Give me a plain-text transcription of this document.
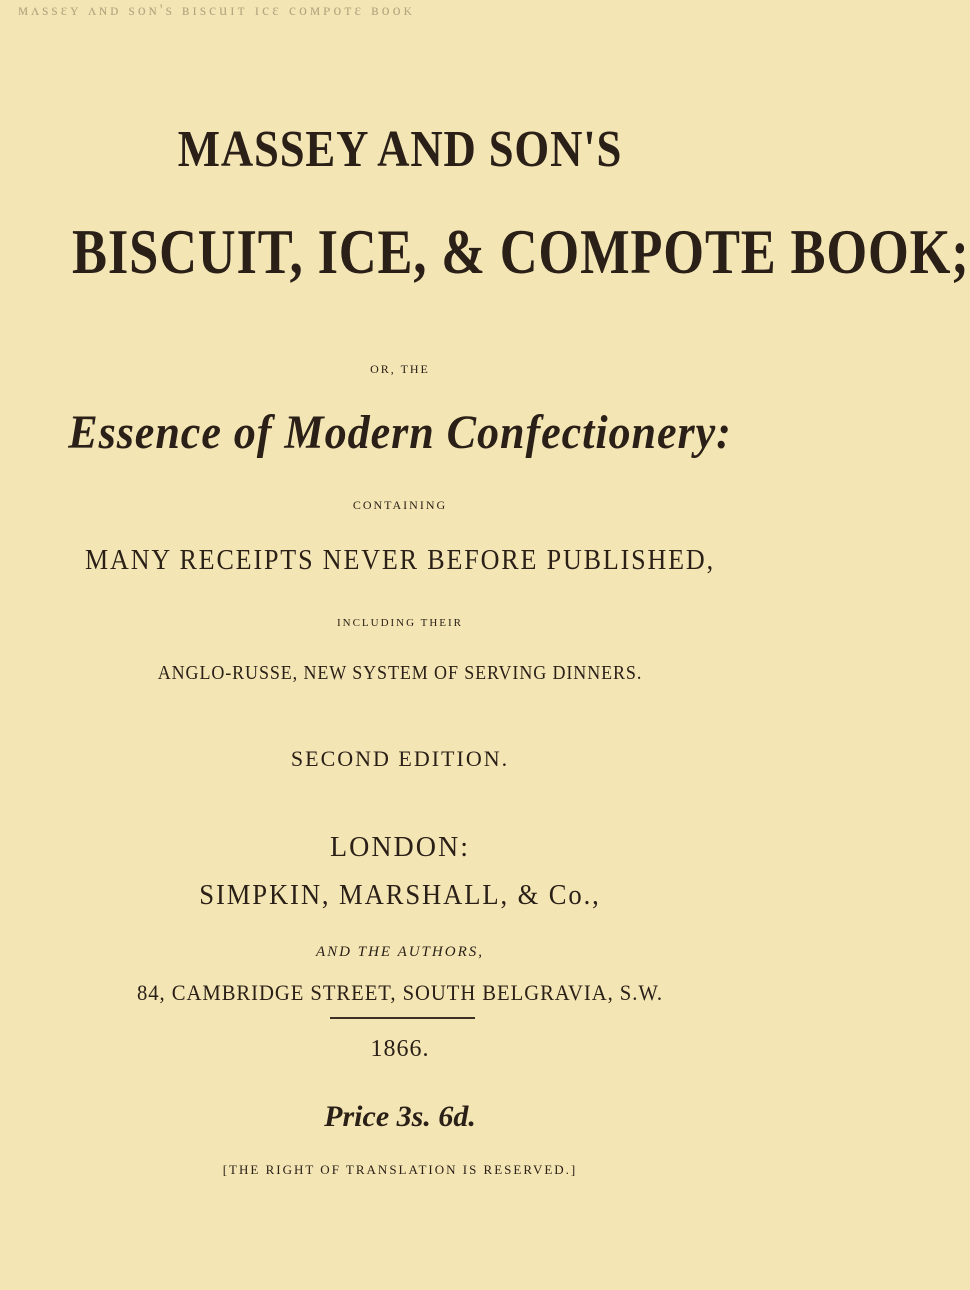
ᴍʌssɛʏ ʌɴᴅ soɴ's ʙɪscuɪᴛ ɪcɛ coᴍᴘoᴛɛ ʙooᴋ
MASSEY AND SON'S
BISCUIT, ICE, & COMPOTE BOOK;
OR, THE
Essence of Modern Confectionery:
CONTAINING
MANY RECEIPTS NEVER BEFORE PUBLISHED,
INCLUDING THEIR
ANGLO-RUSSE, NEW SYSTEM OF SERVING DINNERS.
SECOND EDITION.
LONDON:
SIMPKIN, MARSHALL, & Co.,
AND THE AUTHORS,
84, CAMBRIDGE STREET, SOUTH BELGRAVIA, S.W.
1866.
Price 3s. 6d.
[THE RIGHT OF TRANSLATION IS RESERVED.]
